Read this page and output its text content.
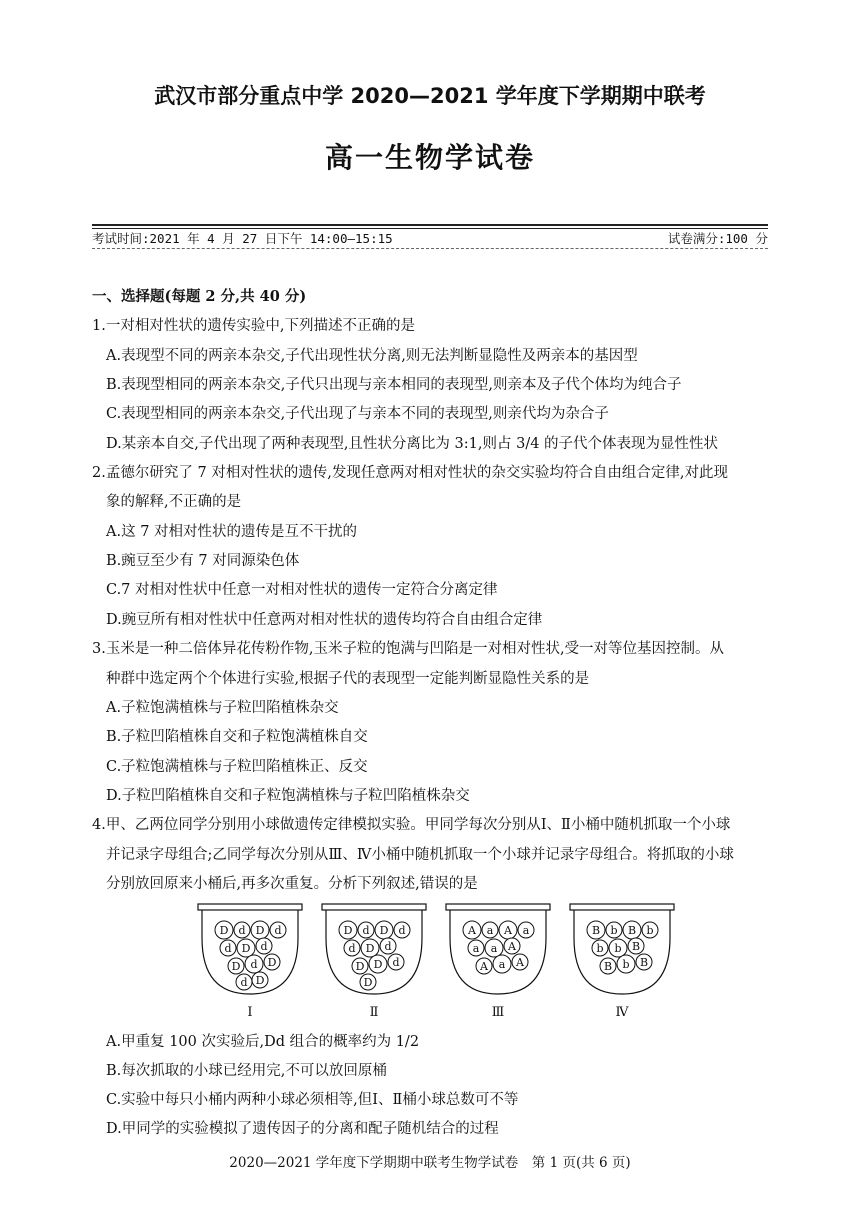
武汉市部分重点中学 2020—2021 学年度下学期期中联考
高一生物学试卷
考试时间:2021 年 4 月 27 日下午 14:00—15:15	试卷满分:100 分
一、选择题(每题 2 分,共 40 分)
1.一对相对性状的遗传实验中,下列描述不正确的是
A.表现型不同的两亲本杂交,子代出现性状分离,则无法判断显隐性及两亲本的基因型
B.表现型相同的两亲本杂交,子代只出现与亲本相同的表现型,则亲本及子代个体均为纯合子
C.表现型相同的两亲本杂交,子代出现了与亲本不同的表现型,则亲代均为杂合子
D.某亲本自交,子代出现了两种表现型,且性状分离比为 3:1,则占 3/4 的子代个体表现为显性性状
2.孟德尔研究了 7 对相对性状的遗传,发现任意两对相对性状的杂交实验均符合自由组合定律,对此现
象的解释,不正确的是
A.这 7 对相对性状的遗传是互不干扰的
B.豌豆至少有 7 对同源染色体
C.7 对相对性状中任意一对相对性状的遗传一定符合分离定律
D.豌豆所有相对性状中任意两对相对性状的遗传均符合自由组合定律
3.玉米是一种二倍体异花传粉作物,玉米子粒的饱满与凹陷是一对相对性状,受一对等位基因控制。从
种群中选定两个个体进行实验,根据子代的表现型一定能判断显隐性关系的是
A.子粒饱满植株与子粒凹陷植株杂交
B.子粒凹陷植株自交和子粒饱满植株自交
C.子粒饱满植株与子粒凹陷植株正、反交
D.子粒凹陷植株自交和子粒饱满植株与子粒凹陷植株杂交
4.甲、乙两位同学分别用小球做遗传定律模拟实验。甲同学每次分别从Ⅰ、Ⅱ小桶中随机抓取一个小球
并记录字母组合;乙同学每次分别从Ⅲ、Ⅳ小桶中随机抓取一个小球并记录字母组合。将抓取的小球
分别放回原来小桶后,再多次重复。分析下列叙述,错误的是
D d D d
d D d
D d D
d D
Ⅰ
D d D d
d D d
D D d
D
Ⅱ
A a A a
a a A
A a A
Ⅲ
B b B b
b b B
B b B
Ⅳ
A.甲重复 100 次实验后,Dd 组合的概率约为 1/2
B.每次抓取的小球已经用完,不可以放回原桶
C.实验中每只小桶内两种小球必须相等,但Ⅰ、Ⅱ桶小球总数可不等
D.甲同学的实验模拟了遗传因子的分离和配子随机结合的过程
2020—2021 学年度下学期期中联考生物学试卷　第 1 页(共 6 页)
